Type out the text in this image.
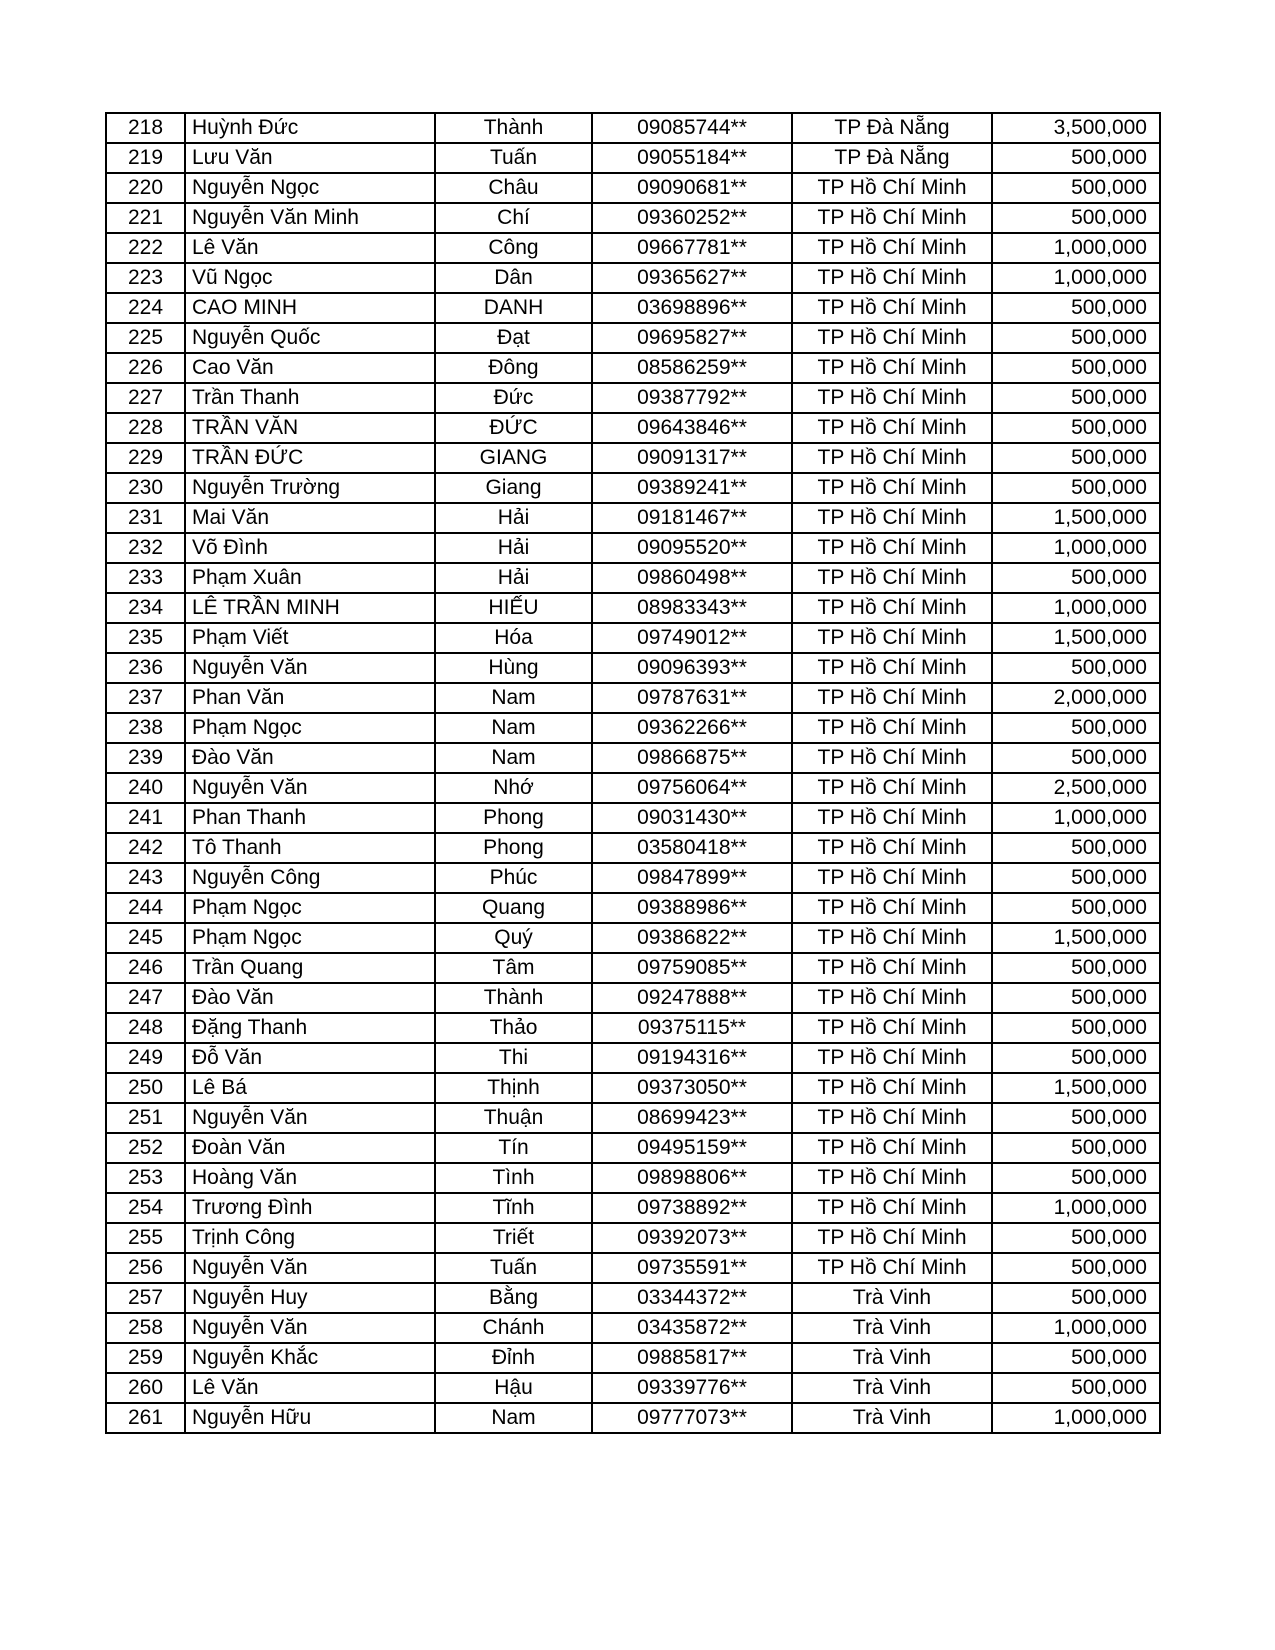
218	Huỳnh Đức	Thành	09085744**	TP Đà Nẵng	3,500,000
219	Lưu Văn	Tuấn	09055184**	TP Đà Nẵng	500,000
220	Nguyễn Ngọc	Châu	09090681**	TP Hồ Chí Minh	500,000
221	Nguyễn Văn Minh	Chí	09360252**	TP Hồ Chí Minh	500,000
222	Lê Văn	Công	09667781**	TP Hồ Chí Minh	1,000,000
223	Vũ Ngọc	Dân	09365627**	TP Hồ Chí Minh	1,000,000
224	CAO MINH	DANH	03698896**	TP Hồ Chí Minh	500,000
225	Nguyễn Quốc	Đạt	09695827**	TP Hồ Chí Minh	500,000
226	Cao Văn	Đông	08586259**	TP Hồ Chí Minh	500,000
227	Trần Thanh	Đức	09387792**	TP Hồ Chí Minh	500,000
228	TRẦN VĂN	ĐỨC	09643846**	TP Hồ Chí Minh	500,000
229	TRẦN ĐỨC	GIANG	09091317**	TP Hồ Chí Minh	500,000
230	Nguyễn Trường	Giang	09389241**	TP Hồ Chí Minh	500,000
231	Mai Văn	Hải	09181467**	TP Hồ Chí Minh	1,500,000
232	Võ Đình	Hải	09095520**	TP Hồ Chí Minh	1,000,000
233	Phạm Xuân	Hải	09860498**	TP Hồ Chí Minh	500,000
234	LÊ TRẦN MINH	HIẾU	08983343**	TP Hồ Chí Minh	1,000,000
235	Phạm Viết	Hóa	09749012**	TP Hồ Chí Minh	1,500,000
236	Nguyễn Văn	Hùng	09096393**	TP Hồ Chí Minh	500,000
237	Phan Văn	Nam	09787631**	TP Hồ Chí Minh	2,000,000
238	Phạm Ngọc	Nam	09362266**	TP Hồ Chí Minh	500,000
239	Đào Văn	Nam	09866875**	TP Hồ Chí Minh	500,000
240	Nguyễn Văn	Nhớ	09756064**	TP Hồ Chí Minh	2,500,000
241	Phan Thanh	Phong	09031430**	TP Hồ Chí Minh	1,000,000
242	Tô Thanh	Phong	03580418**	TP Hồ Chí Minh	500,000
243	Nguyễn Công	Phúc	09847899**	TP Hồ Chí Minh	500,000
244	Phạm Ngọc	Quang	09388986**	TP Hồ Chí Minh	500,000
245	Phạm Ngọc	Quý	09386822**	TP Hồ Chí Minh	1,500,000
246	Trần Quang	Tâm	09759085**	TP Hồ Chí Minh	500,000
247	Đào Văn	Thành	09247888**	TP Hồ Chí Minh	500,000
248	Đặng Thanh	Thảo	09375115**	TP Hồ Chí Minh	500,000
249	Đỗ Văn	Thi	09194316**	TP Hồ Chí Minh	500,000
250	Lê Bá	Thịnh	09373050**	TP Hồ Chí Minh	1,500,000
251	Nguyễn Văn	Thuận	08699423**	TP Hồ Chí Minh	500,000
252	Đoàn Văn	Tín	09495159**	TP Hồ Chí Minh	500,000
253	Hoàng Văn	Tình	09898806**	TP Hồ Chí Minh	500,000
254	Trương Đình	Tĩnh	09738892**	TP Hồ Chí Minh	1,000,000
255	Trịnh Công	Triết	09392073**	TP Hồ Chí Minh	500,000
256	Nguyễn Văn	Tuấn	09735591**	TP Hồ Chí Minh	500,000
257	Nguyễn Huy	Bằng	03344372**	Trà Vinh	500,000
258	Nguyễn Văn	Chánh	03435872**	Trà Vinh	1,000,000
259	Nguyễn Khắc	Đỉnh	09885817**	Trà Vinh	500,000
260	Lê Văn	Hậu	09339776**	Trà Vinh	500,000
261	Nguyễn Hữu	Nam	09777073**	Trà Vinh	1,000,000
